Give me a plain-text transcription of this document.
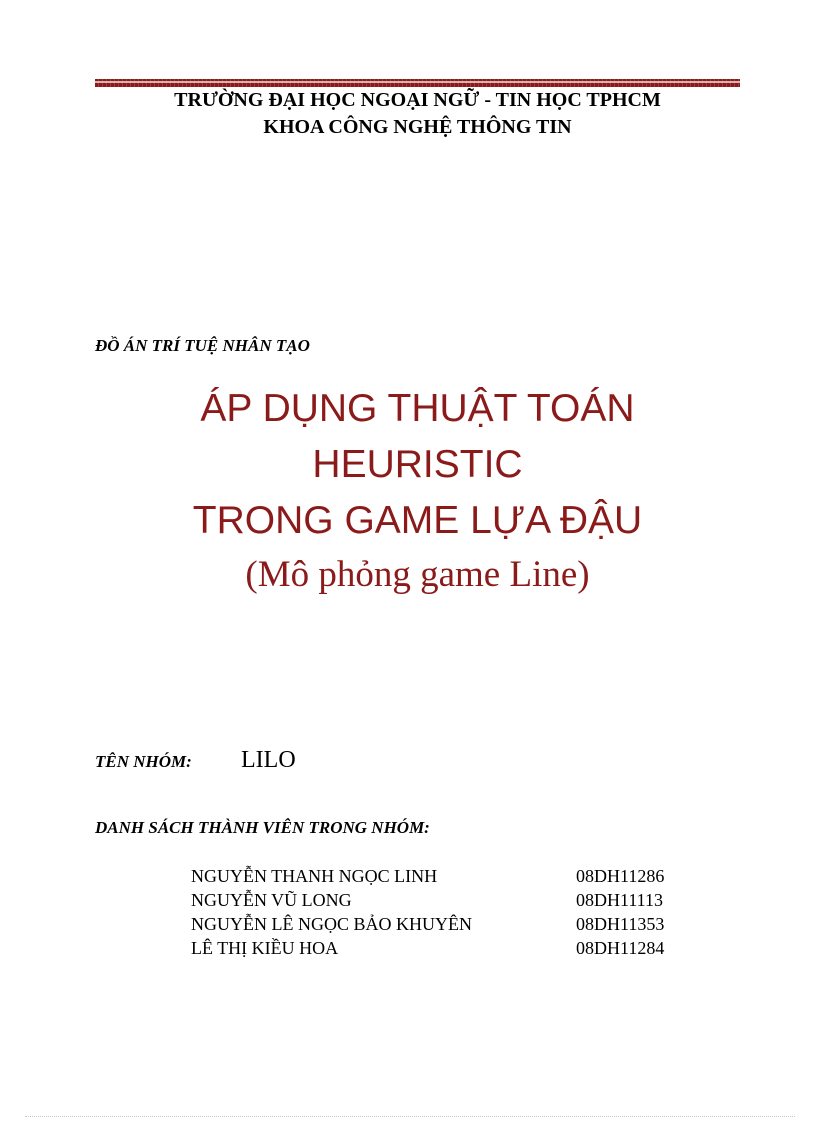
TRƯỜNG ĐẠI HỌC NGOẠI NGỮ - TIN HỌC TPHCM
KHOA CÔNG NGHỆ THÔNG TIN
ĐỒ ÁN TRÍ TUỆ NHÂN TẠO
ÁP DỤNG THUẬT TOÁN
HEURISTIC
TRONG GAME LỰA ĐẬU
(Mô phỏng game Line)
TÊN NHÓM: LILO
DANH SÁCH THÀNH VIÊN TRONG NHÓM:
NGUYỄN THANH NGỌC LINH	08DH11286
NGUYỄN VŨ LONG	08DH11113
NGUYỄN LÊ NGỌC BẢO KHUYÊN	08DH11353
LÊ THỊ KIỀU HOA	08DH11284
